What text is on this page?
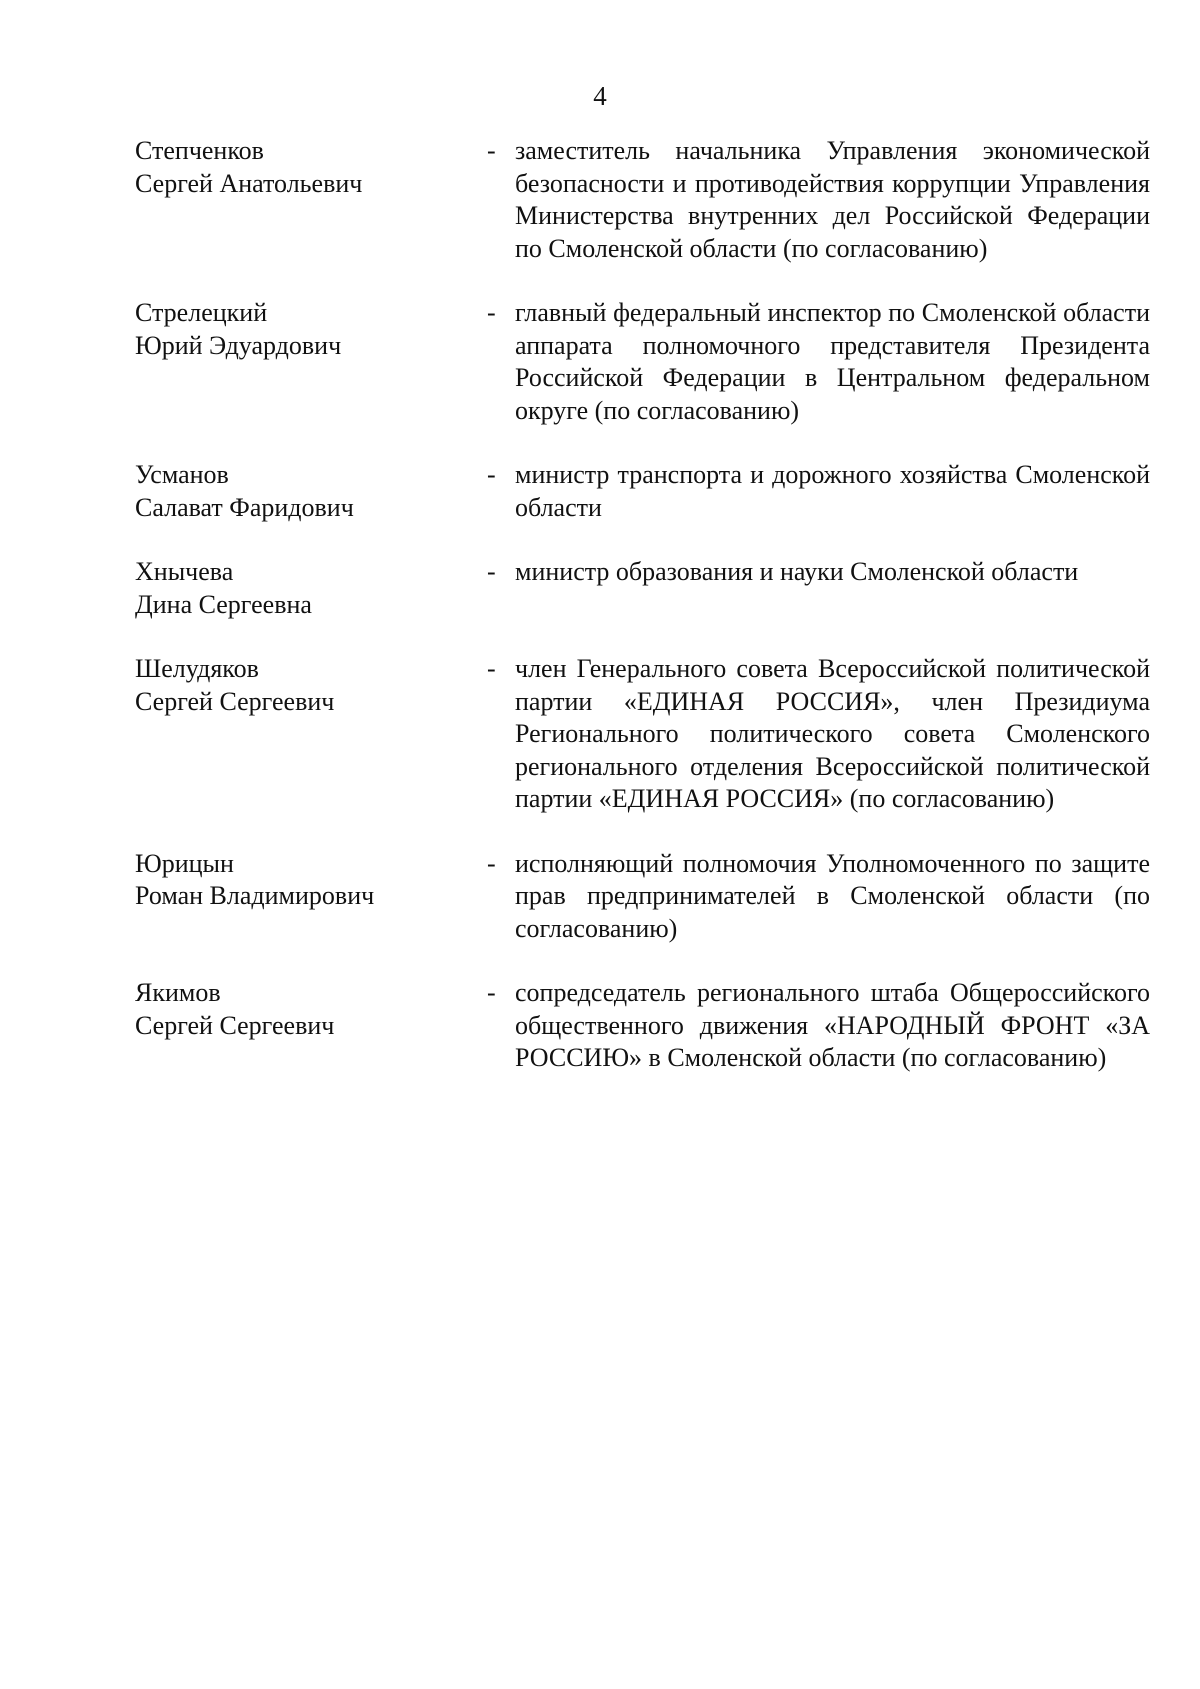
4
Степченков
Сергей Анатольевич
- заместитель начальника Управления экономической безопасности и противодействия коррупции Управления Министерства внутренних дел Российской Федерации по Смоленской области (по согласованию)
Стрелецкий
Юрий Эдуардович
- главный федеральный инспектор по Смоленской области аппарата полномочного представителя Президента Российской Федерации в Центральном федеральном округе (по согласованию)
Усманов
Салават Фаридович
- министр транспорта и дорожного хозяйства Смоленской области
Хнычева
Дина Сергеевна
- министр образования и науки Смоленской области
Шелудяков
Сергей Сергеевич
- член Генерального совета Всероссийской политической партии «ЕДИНАЯ РОССИЯ», член Президиума Регионального политического совета Смоленского регионального отделения Всероссийской политической партии «ЕДИНАЯ РОССИЯ» (по согласованию)
Юрицын
Роман Владимирович
- исполняющий полномочия Уполномоченного по защите прав предпринимателей в Смоленской области (по согласованию)
Якимов
Сергей Сергеевич
- сопредседатель регионального штаба Общероссийского общественного движения «НАРОДНЫЙ ФРОНТ «ЗА РОССИЮ» в Смоленской области (по согласованию)
